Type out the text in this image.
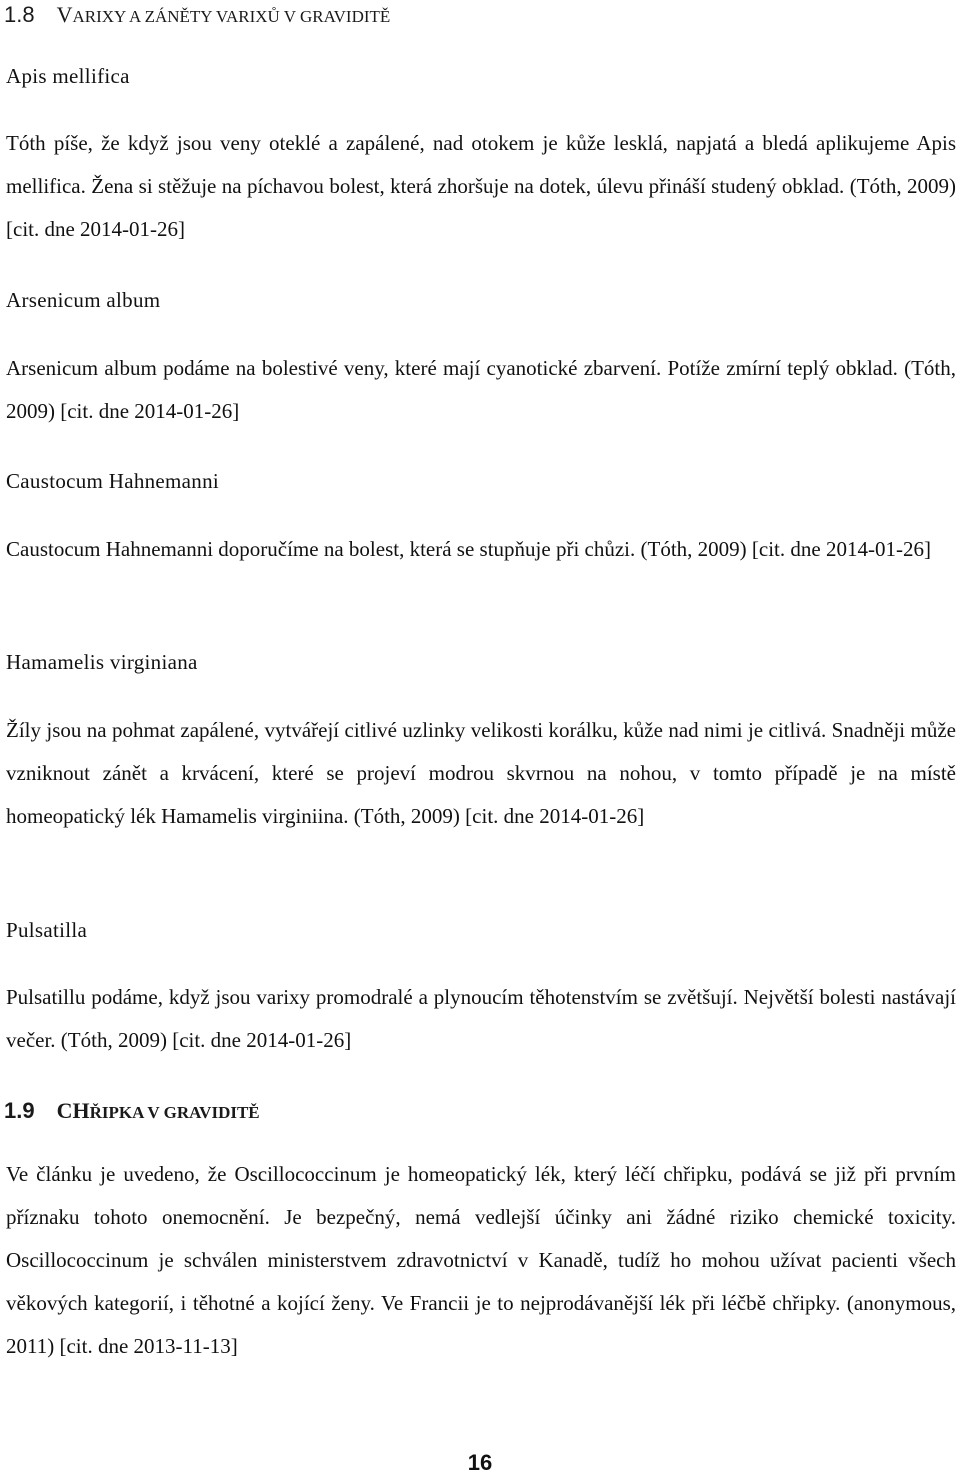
1.8 VARIXY A ZÁNĚTY VARIXŮ V GRAVIDITĚ
Apis mellifica

Tóth píše, že když jsou veny oteklé a zapálené, nad otokem je kůže lesklá, napjatá a bledá aplikujeme Apis mellifica. Žena si stěžuje na píchavou bolest, která zhoršuje na dotek, úlevu přináší studený obklad. (Tóth, 2009) [cit. dne 2014-01-26]

Arsenicum album

Arsenicum album podáme na bolestivé veny, které mají cyanotické zbarvení. Potíže zmírní teplý obklad. (Tóth, 2009) [cit. dne 2014-01-26]

Caustocum Hahnemanni

Caustocum Hahnemanni doporučíme na bolest, která se stupňuje při chůzi. (Tóth, 2009) [cit. dne 2014-01-26]

Hamamelis virginiana

Žíly jsou na pohmat zapálené, vytvářejí citlivé uzlinky velikosti korálku, kůže nad nimi je citlivá. Snadněji může vzniknout zánět a krvácení, které se projeví modrou skvrnou na nohou, v tomto případě je na místě homeopatický lék Hamamelis virginiina. (Tóth, 2009) [cit. dne 2014-01-26]

Pulsatilla

Pulsatillu podáme, když jsou varixy promodralé a plynoucím těhotenstvím se zvětšují. Největší bolesti nastávají večer. (Tóth, 2009) [cit. dne 2014-01-26]

1.9 CHŘIPKA V GRAVIDITĚ

Ve článku je uvedeno, že Oscillococcinum je homeopatický lék, který léčí chřipku, podává se již při prvním příznaku tohoto onemocnění. Je bezpečný, nemá vedlejší účinky ani žádné riziko chemické toxicity. Oscillococcinum je schválen ministerstvem zdravotnictví v Kanadě, tudíž ho mohou užívat pacienti všech věkových kategorií, i těhotné a kojící ženy. Ve Francii je to nejprodávanější lék při léčbě chřipky. (anonymous, 2011) [cit. dne 2013-11-13]

16
